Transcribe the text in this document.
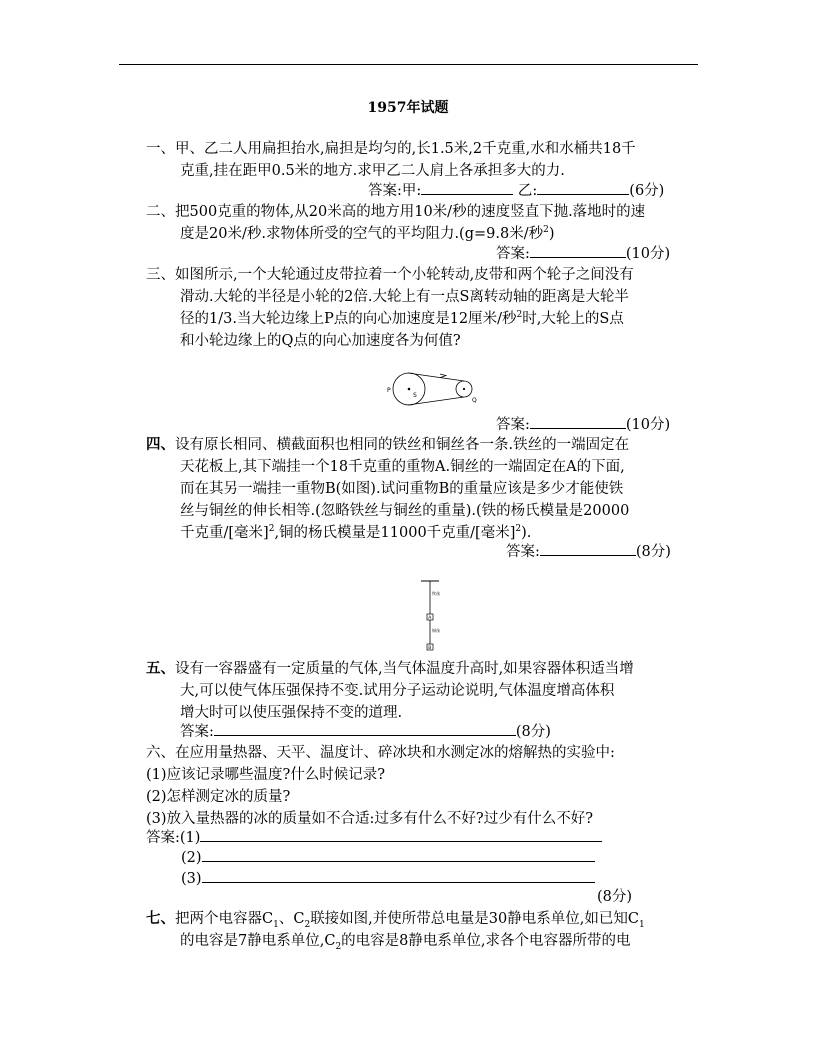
1957年试题
一、甲、乙二人用扁担抬水,扁担是均匀的,长1.5米,2千克重,水和水桶共18千
克重,挂在距甲0.5米的地方.求甲乙二人肩上各承担多大的力.
答案:甲:	乙:	(6分)
二、把500克重的物体,从20米高的地方用10米/秒的速度竖直下抛.落地时的速
度是20米/秒.求物体所受的空气的平均阻力.(g=9.8米/秒$^2$)
答案:	(10分)
三、如图所示,一个大轮通过皮带拉着一个小轮转动,皮带和两个轮子之间没有
滑动.大轮的半径是小轮的2倍.大轮上有一点S离转动轴的距离是大轮半
径的1/3.当大轮边缘上P点的向心加速度是12厘米/秒$^2$时,大轮上的S点
和小轮边缘上的Q点的向心加速度各为何值?
P
S
Q
答案:	(10分)
四、设有原长相同、横截面积也相同的铁丝和铜丝各一条.铁丝的一端固定在
天花板上,其下端挂一个18千克重的重物A.铜丝的一端固定在A的下面,
而在其另一端挂一重物B(如图).试问重物B的重量应该是多少才能使铁
丝与铜丝的伸长相等.(忽略铁丝与铜丝的重量).(铁的杨氏模量是20000
千克重/[毫米]$^2$,铜的杨氏模量是11000千克重/[毫米]$^2$).
答案:	(8分)
铁丝
A
铜丝
B
五、设有一容器盛有一定质量的气体,当气体温度升高时,如果容器体积适当增
大,可以使气体压强保持不变.试用分子运动论说明,气体温度增高体积
增大时可以使压强保持不变的道理.
答案:	(8分)
六、在应用量热器、天平、温度计、碎冰块和水测定冰的熔解热的实验中:
(1)应该记录哪些温度?什么时候记录?
(2)怎样测定冰的质量?
(3)放入量热器的冰的质量如不合适:过多有什么不好?过少有什么不好?
答案:(1)
(2)
(3)
(8分)
七、把两个电容器$C_1$、$C_2$联接如图,并使所带总电量是30静电系单位,如已知$C_1$
的电容是7静电系单位$,C_2$的电容是8静电系单位,求各个电容器所带的电
